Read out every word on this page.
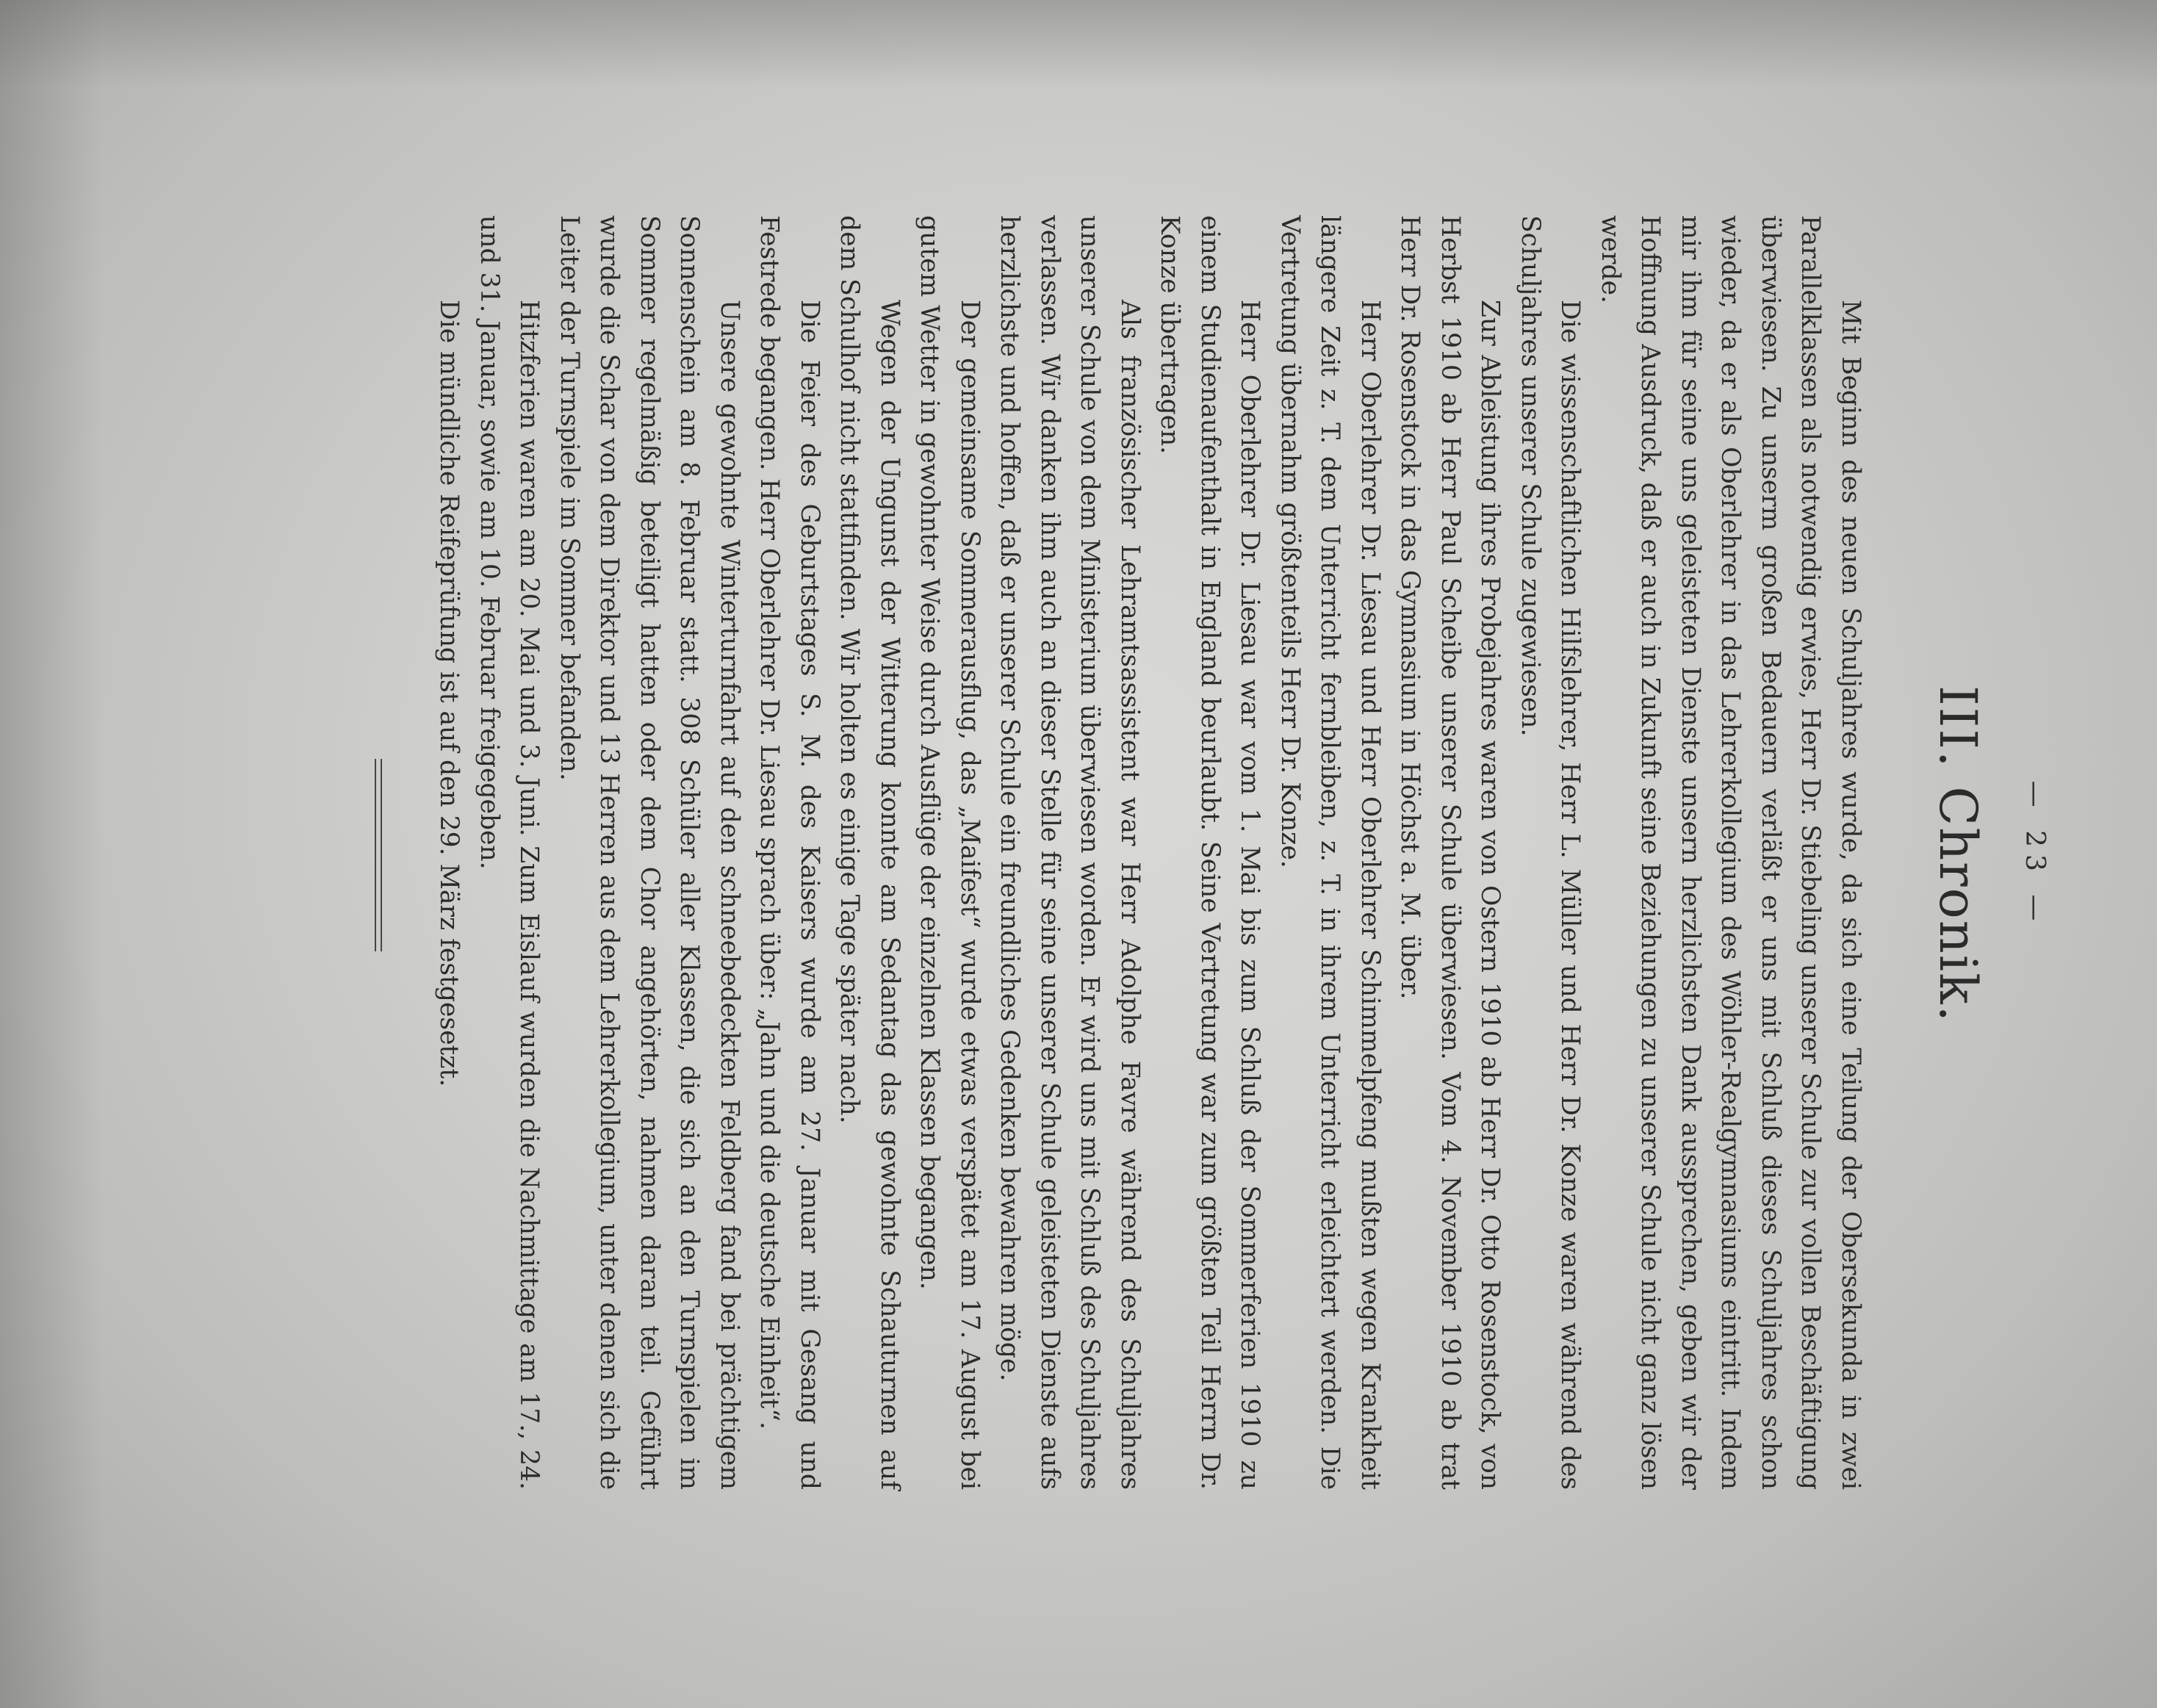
— 23 —
III. Chronik.

Mit Beginn des neuen Schuljahres wurde, da sich eine Teilung der Obersekunda in zwei Parallelklassen als notwendig erwies, Herr Dr. Stiebeling unserer Schule zur vollen Beschäftigung überwiesen. Zu unserm großen Bedauern verläßt er uns mit Schluß dieses Schuljahres schon wieder, da er als Oberlehrer in das Lehrerkollegium des Wöhler-Realgymnasiums eintritt. Indem mir ihm für seine uns geleisteten Dienste unsern herzlichsten Dank aussprechen, geben wir der Hoffnung Ausdruck, daß er auch in Zukunft seine Beziehungen zu unserer Schule nicht ganz lösen werde.

Die wissenschaftlichen Hilfslehrer, Herr L. Müller und Herr Dr. Konze waren während des Schuljahres unserer Schule zugewiesen.

Zur Ableistung ihres Probejahres waren von Ostern 1910 ab Herr Dr. Otto Rosenstock, von Herbst 1910 ab Herr Paul Scheibe unserer Schule überwiesen. Vom 4. November 1910 ab trat Herr Dr. Rosenstock in das Gymnasium in Höchst a. M. über.

Herr Oberlehrer Dr. Liesau und Herr Oberlehrer Schimmelpfeng mußten wegen Krankheit längere Zeit z. T. dem Unterricht fernbleiben, z. T. in ihrem Unterricht erleichtert werden. Die Vertretung übernahm größtenteils Herr Dr. Konze.

Herr Oberlehrer Dr. Liesau war vom 1. Mai bis zum Schluß der Sommerferien 1910 zu einem Studienaufenthalt in England beurlaubt. Seine Vertretung war zum größten Teil Herrn Dr. Konze übertragen.

Als französischer Lehramtsassistent war Herr Adolphe Favre während des Schuljahres unserer Schule von dem Ministerium überwiesen worden. Er wird uns mit Schluß des Schuljahres verlassen. Wir danken ihm auch an dieser Stelle für seine unserer Schule geleisteten Dienste aufs herzlichste und hoffen, daß er unserer Schule ein freundliches Gedenken bewahren möge.

Der gemeinsame Sommerausflug, das „Maifest“ wurde etwas verspätet am 17. August bei gutem Wetter in gewohnter Weise durch Ausflüge der einzelnen Klassen begangen.

Wegen der Ungunst der Witterung konnte am Sedantag das gewohnte Schauturnen auf dem Schulhof nicht stattfinden. Wir holten es einige Tage später nach.

Die Feier des Geburtstages S. M. des Kaisers wurde am 27. Januar mit Gesang und Festrede begangen. Herr Oberlehrer Dr. Liesau sprach über: „Jahn und die deutsche Einheit“.

Unsere gewohnte Winterturnfahrt auf den schneebedeckten Feldberg fand bei prächtigem Sonnenschein am 8. Februar statt. 308 Schüler aller Klassen, die sich an den Turnspielen im Sommer regelmäßig beteiligt hatten oder dem Chor angehörten, nahmen daran teil. Geführt wurde die Schar von dem Direktor und 13 Herren aus dem Lehrerkollegium, unter denen sich die Leiter der Turnspiele im Sommer befanden.

Hitzferien waren am 20. Mai und 3. Juni. Zum Eislauf wurden die Nachmittage am 17., 24. und 31. Januar, sowie am 10. Februar freigegeben.

Die mündliche Reifeprüfung ist auf den 29. März festgesetzt.
